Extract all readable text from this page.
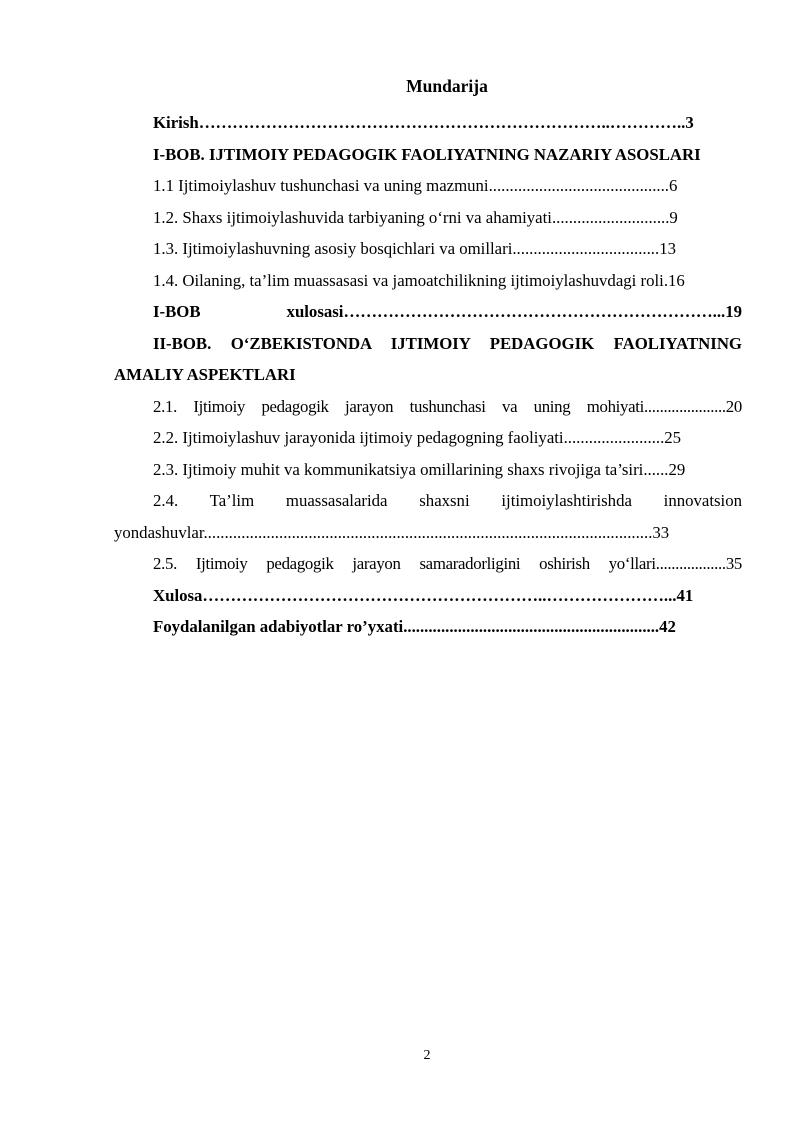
Mundarija
Kirish………………………………………………………………..…………..3
I-BOB. IJTIMOIY PEDAGOGIK FAOLIYATNING NAZARIY ASOSLARI
1.1 Ijtimoiylashuv tushunchasi va uning mazmuni...........................................6
1.2. Shaxs ijtimoiylashuvida tarbiyaning o‘rni va ahamiyati............................9
1.3. Ijtimoiylashuvning asosiy bosqichlari va omillari...................................13
1.4. Oilaning, ta’lim muassasasi va jamoatchilikning ijtimoiylashuvdagi roli.16
I-BOB xulosasi…………………………………………………………...19
II-BOB. O‘ZBEKISTONDA IJTIMOIY PEDAGOGIK FAOLIYATNING AMALIY ASPEKTLARI
2.1. Ijtimoiy pedagogik jarayon tushunchasi va uning mohiyati.....................20
2.2. Ijtimoiylashuv jarayonida ijtimoiy pedagogning faoliyati........................25
2.3. Ijtimoiy muhit va kommunikatsiya omillarining shaxs rivojiga ta’siri......29
2.4. Ta’lim muassasalarida shaxsni ijtimoiylashtirishda innovatsion yondashuvlar...........................................................................................................33
2.5. Ijtimoiy pedagogik jarayon samaradorligini oshirish yo‘llari..................35
Xulosa……………………………………………………..…………………...41
Foydalanilgan adabiyotlar ro’yxati.............................................................42
2
